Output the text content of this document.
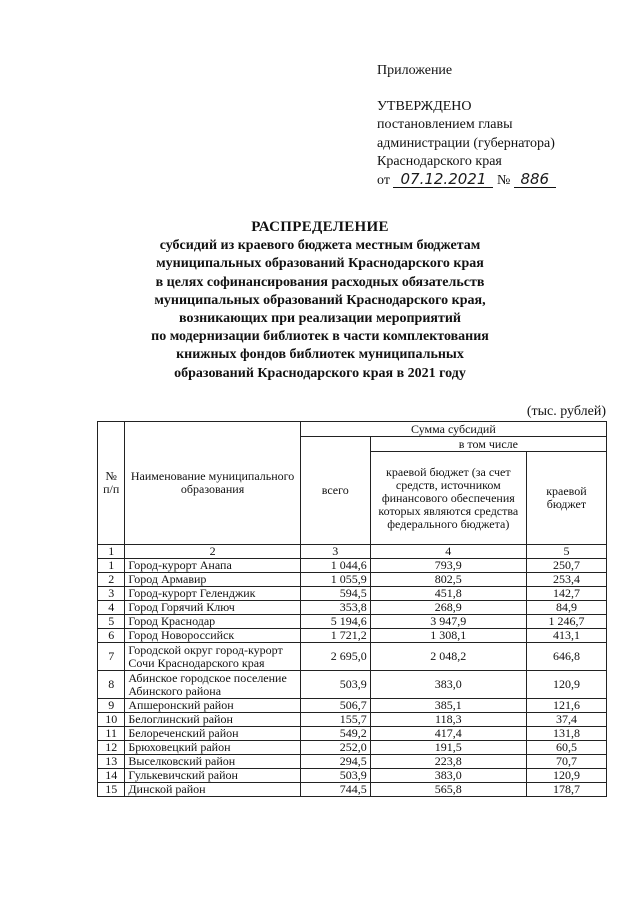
Приложение
УТВЕРЖДЕНО
постановлением главы
администрации (губернатора)
Краснодарского края
от 07.12.2021 № 886
РАСПРЕДЕЛЕНИЕ
субсидий из краевого бюджета местным бюджетам
муниципальных образований Краснодарского края
в целях софинансирования расходных обязательств
муниципальных образований Краснодарского края,
возникающих при реализации мероприятий
по модернизации библиотек в части комплектования
книжных фондов библиотек муниципальных
образований Краснодарского края в 2021 году
(тыс. рублей)
№ п/п	Наименование муниципального образования	Сумма субсидий		
		всего	в том числе	
			краевой бюджет (за счет средств, источником финансового обеспечения которых являются средства федерального бюджета)	краевой бюджет
1	2	3	4	5
1	Город-курорт Анапа	1 044,6	793,9	250,7
2	Город Армавир	1 055,9	802,5	253,4
3	Город-курорт Геленджик	594,5	451,8	142,7
4	Город Горячий Ключ	353,8	268,9	84,9
5	Город Краснодар	5 194,6	3 947,9	1 246,7
6	Город Новороссийск	1 721,2	1 308,1	413,1
7	Городской округ город-курорт Сочи Краснодарского края	2 695,0	2 048,2	646,8
8	Абинское городское поселение Абинского района	503,9	383,0	120,9
9	Апшеронский район	506,7	385,1	121,6
10	Белоглинский район	155,7	118,3	37,4
11	Белореченский район	549,2	417,4	131,8
12	Брюховецкий район	252,0	191,5	60,5
13	Выселковский район	294,5	223,8	70,7
14	Гулькевичский район	503,9	383,0	120,9
15	Динской район	744,5	565,8	178,7
